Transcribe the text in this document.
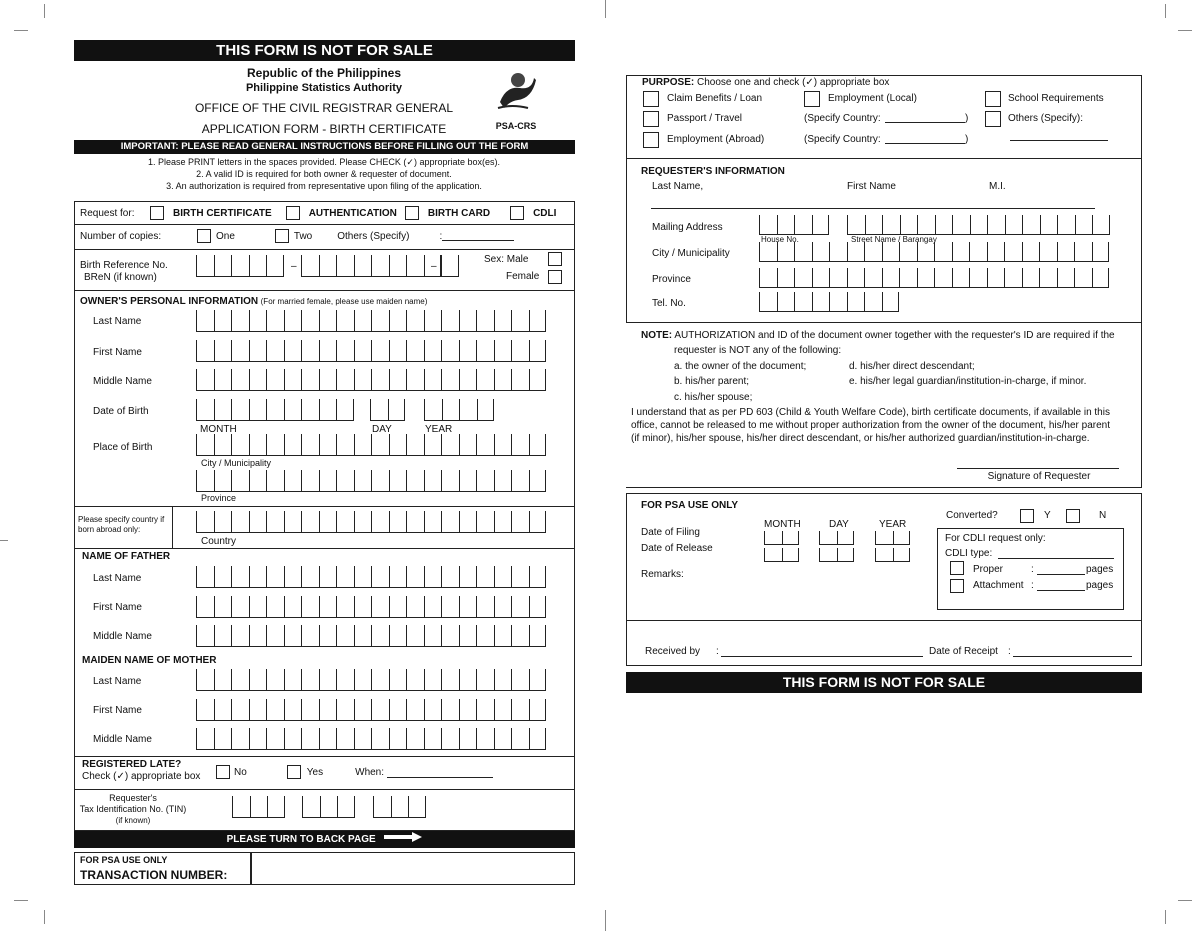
THIS FORM IS NOT FOR SALE
Republic of the Philippines
Philippine Statistics Authority
OFFICE OF THE CIVIL REGISTRAR GENERAL
APPLICATION FORM - BIRTH CERTIFICATE	PSA-CRS
IMPORTANT: PLEASE READ GENERAL INSTRUCTIONS BEFORE FILLING OUT THE FORM
1. Please PRINT letters in the spaces provided. Please CHECK (✓) appropriate box(es).
2. A valid ID is required for both owner & requester of document.
3. An authorization is required from representative upon filing of the application.
Request for:	BIRTH CERTIFICATE	AUTHENTICATION	BIRTH CARD	CDLI
Number of copies:	One	Two	Others (Specify)	:
Birth Reference No.
BReN (if known)
–	–
Sex: Male
Female
OWNER'S PERSONAL INFORMATION (For married female, please use maiden name)
Last Name
First Name
Middle Name
Date of Birth
MONTH	DAY	YEAR
Place of Birth
City / Municipality
Province
Please specify country if
born abroad only:
Country
NAME OF FATHER
Last Name
First Name
Middle Name
MAIDEN NAME OF MOTHER
Last Name
First Name
Middle Name
REGISTERED LATE?
Check (✓) appropriate box	No	Yes	When:
Requester's
Tax Identification No. (TIN)
(if known)
PLEASE TURN TO BACK PAGE
FOR PSA USE ONLY
TRANSACTION NUMBER:
PURPOSE: Choose one and check (✓) appropriate box
Claim Benefits / Loan	Employment (Local)	School Requirements
Passport / Travel	(Specify Country:	)	Others (Specify):
Employment (Abroad)	(Specify Country:	)
REQUESTER'S INFORMATION
Last Name,	First Name	M.I.
Mailing Address
House No.	Street Name / Barangay
City / Municipality
Province
Tel. No.
NOTE: AUTHORIZATION and ID of the document owner together with the requester's ID are required if the
requester is NOT any of the following:
a. the owner of the document;	d. his/her direct descendant;
b. his/her parent;	e. his/her legal guardian/institution-in-charge, if minor.
c. his/her spouse;
I understand that as per PD 603 (Child & Youth Welfare Code), birth certificate documents, if available in this
office, cannot be released to me without proper authorization from the owner of the document, his/her parent
(if minor), his/her spouse, his/her direct descendant, or his/her authorized guardian/institution-in-charge.
Signature of Requester
FOR PSA USE ONLY
MONTH	DAY	YEAR
Date of Filing
Date of Release
Remarks:
Converted?	Y	N
For CDLI request only:
CDLI type:
Proper	:	pages
Attachment :	pages
Received by :	Date of Receipt :
THIS FORM IS NOT FOR SALE
